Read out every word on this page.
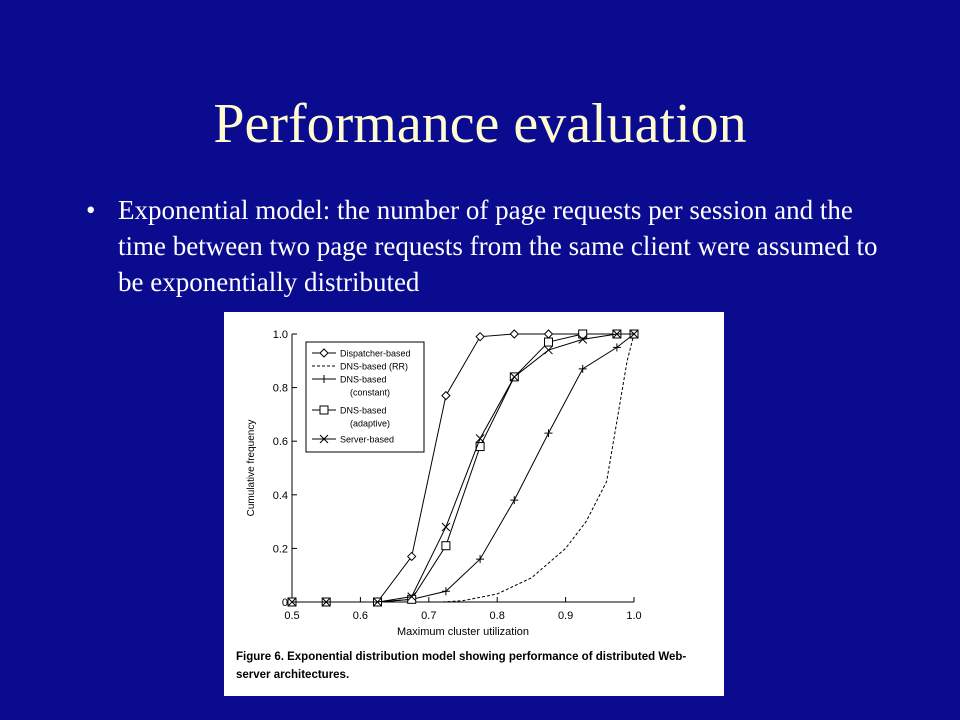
Performance evaluation
• Exponential model: the number of page requests per session and the time between two page requests from the same client were assumed to be exponentially distributed
0.5	0.6	0.7	0.8	0.9	1.0
0
0.2
0.4
0.6
0.8
1.0
Maximum cluster utilization
Cumulative frequency
Dispatcher-based
DNS-based (RR)
DNS-based
(constant)
DNS-based
(adaptive)
Server-based
Figure 6. Exponential distribution model showing performance of distributed Web-server architectures.
